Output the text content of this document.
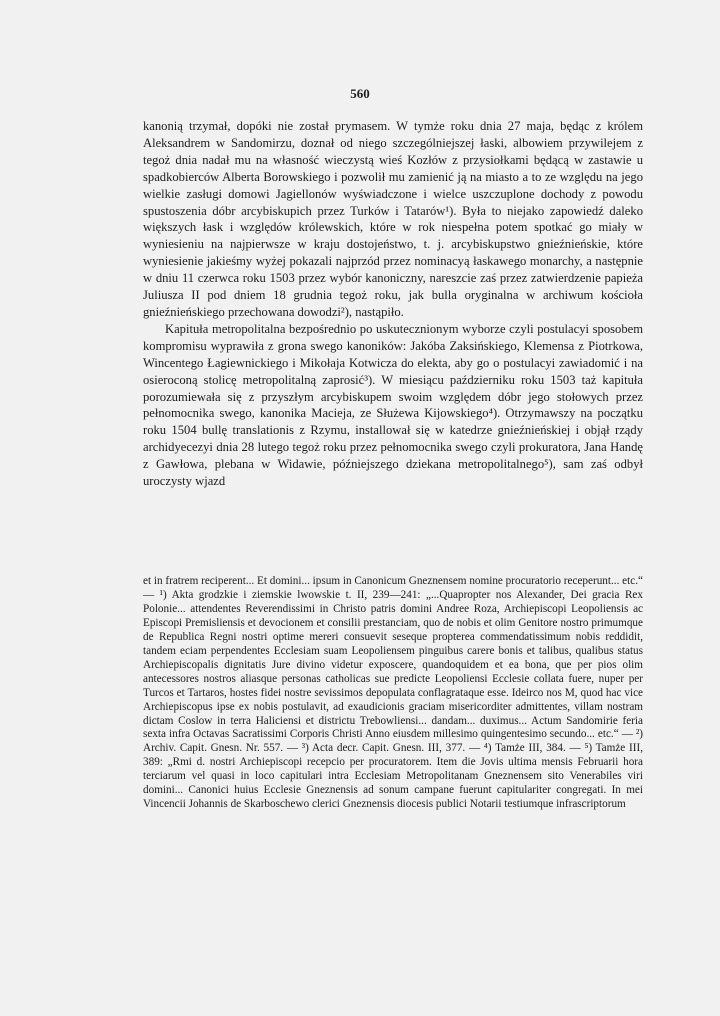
560

kanonią trzymał, dopóki nie został prymasem. W tymże roku dnia 27 maja, będąc z królem Aleksandrem w Sandomirzu, doznał od niego szczególniejszej łaski, albowiem przywilejem z tegoż dnia nadał mu na własność wieczystą wieś Kozłów z przysiołkami będącą w zastawie u spadkobierców Alberta Borowskiego i pozwolił mu zamienić ją na miasto a to ze względu na jego wielkie zasługi domowi Jagiellonów wyświadczone i wielce uszczuplone dochody z powodu spustoszenia dóbr arcybiskupich przez Turków i Tatarów¹). Była to niejako zapowiedź daleko większych łask i względów królewskich, które w rok niespełna potem spotkać go miały w wyniesieniu na najpierwsze w kraju dostojeństwo, t. j. arcybiskupstwo gnieźnieńskie, które wyniesienie jakieśmy wyżej pokazali najprzód przez nominacyą łaskawego monarchy, a następnie w dniu 11 czerwca roku 1503 przez wybór kanoniczny, nareszcie zaś przez zatwierdzenie papieża Juliusza II pod dniem 18 grudnia tegoż roku, jak bulla oryginalna w archiwum kościoła gnieźnieńskiego przechowana dowodzi²), nastąpiło.

Kapituła metropolitalna bezpośrednio po uskutecznionym wyborze czyli postulacyi sposobem kompromisu wyprawiła z grona swego kanoników: Jakóba Zaksińskiego, Klemensa z Piotrkowa, Wincentego Łagiewnickiego i Mikołaja Kotwicza do elekta, aby go o postulacyi zawiadomić i na osieroconą stolicę metropolitalną zaprosić³). W miesiącu październiku roku 1503 taż kapituła porozumiewała się z przyszłym arcybiskupem swoim względem dóbr jego stołowych przez pełnomocnika swego, kanonika Macieja, ze Służewa Kijowskiego⁴). Otrzymawszy na początku roku 1504 bullę translationis z Rzymu, installował się w katedrze gnieźnieńskiej i objął rządy archidyecezyi dnia 28 lutego tegoż roku przez pełnomocnika swego czyli prokuratora, Jana Handę z Gawłowa, plebana w Widawie, późniejszego dziekana metropolitalnego⁵), sam zaś odbył uroczysty wjazd

et in fratrem reciperent... Et domini... ipsum in Canonicum Gneznensem nomine procuratorio receperunt... etc.“ — ¹) Akta grodzkie i ziemskie lwowskie t. II, 239—241: „...Quapropter nos Alexander, Dei gracia Rex Polonie... attendentes Reverendissimi in Christo patris domini Andree Roza, Archiepiscopi Leopoliensis ac Episcopi Premisliensis et devocionem et consilii prestanciam, quo de nobis et olim Genitore nostro primumque de Republica Regni nostri optime mereri consuevit seseque propterea commendatissimum nobis reddidit, tandem eciam perpendentes Ecclesiam suam Leopoliensem pinguibus carere bonis et talibus, qualibus status Archiepiscopalis dignitatis Jure divino videtur exposcere, quandoquidem et ea bona, que per pios olim antecessores nostros aliasque personas catholicas sue predicte Leopoliensi Ecclesie collata fuere, nuper per Turcos et Tartaros, hostes fidei nostre sevissimos depopulata conflagrataque esse. Ideirco nos M, quod hac vice Archiepiscopus ipse ex nobis postulavit, ad exaudicionis graciam misericorditer admittentes, villam nostram dictam Coslow in terra Haliciensi et districtu Trebowliensi... dandam... duximus... Actum Sandomirie feria sexta infra Octavas Sacratissimi Corporis Christi Anno eiusdem millesimo quingentesimo secundo... etc.“ — ²) Archiv. Capit. Gnesn. Nr. 557. — ³) Acta decr. Capit. Gnesn. III, 377. — ⁴) Tamże III, 384. — ⁵) Tamże III, 389: „Rmi d. nostri Archiepiscopi recepcio per procuratorem. Item die Jovis ultima mensis Februarii hora terciarum vel quasi in loco capitulari intra Ecclesiam Metropolitanam Gneznensem sito Venerabiles viri domini... Canonici huius Ecclesie Gneznensis ad sonum campane fuerunt capitulariter congregati. In mei Vincencii Johannis de Skarboschewo clerici Gneznensis diocesis publici Notarii testiumque infrascriptorum
